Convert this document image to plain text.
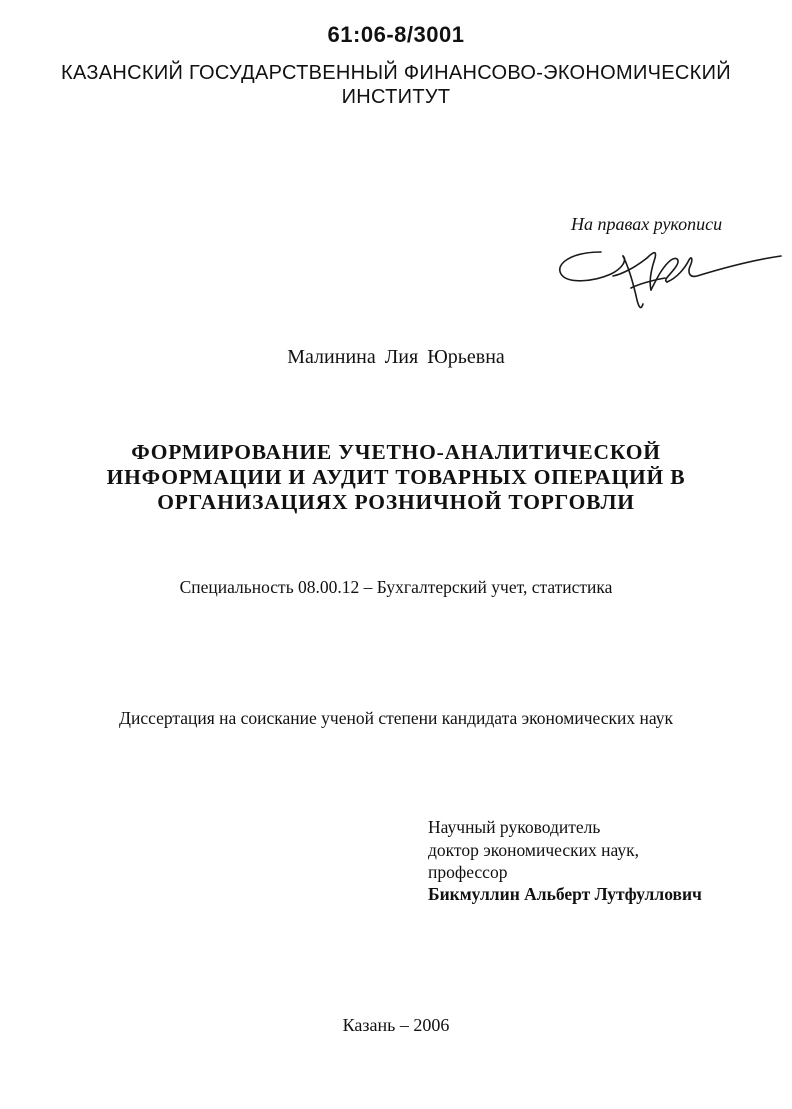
61:06-8/3001
КАЗАНСКИЙ ГОСУДАРСТВЕННЫЙ ФИНАНСОВО-ЭКОНОМИЧЕСКИЙ
ИНСТИТУТ
На правах рукописи
Малинина Лия Юрьевна
ФОРМИРОВАНИЕ УЧЕТНО-АНАЛИТИЧЕСКОЙ
ИНФОРМАЦИИ И АУДИТ ТОВАРНЫХ ОПЕРАЦИЙ В
ОРГАНИЗАЦИЯХ РОЗНИЧНОЙ ТОРГОВЛИ
Специальность 08.00.12 – Бухгалтерский учет, статистика
Диссертация на соискание ученой степени кандидата экономических наук
Научный руководитель
доктор экономических наук,
профессор
Бикмуллин Альберт Лутфуллович
Казань – 2006
